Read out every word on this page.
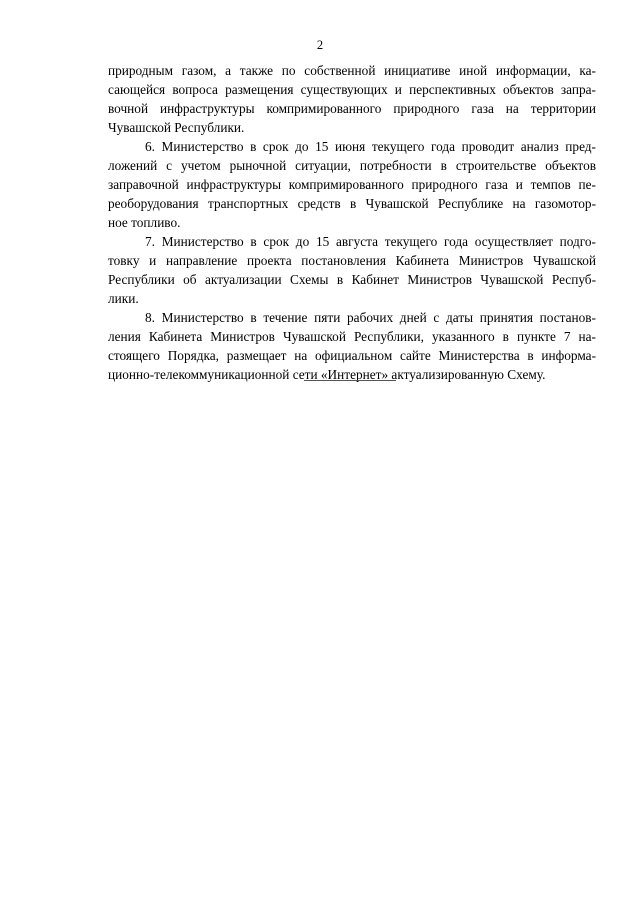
2
природным газом, а также по собственной инициативе иной информации, ка-
сающейся вопроса размещения существующих и перспективных объектов запра-
вочной инфраструктуры компримированного природного газа на территории
Чувашской Республики.
6. Министерство в срок до 15 июня текущего года проводит анализ пред-
ложений с учетом рыночной ситуации, потребности в строительстве объектов
заправочной инфраструктуры компримированного природного газа и темпов пе-
реоборудования транспортных средств в Чувашской Республике на газомотор-
ное топливо.
7. Министерство в срок до 15 августа текущего года осуществляет подго-
товку и направление проекта постановления Кабинета Министров Чувашской
Республики об актуализации Схемы в Кабинет Министров Чувашской Респуб-
лики.
8. Министерство в течение пяти рабочих дней с даты принятия постанов-
ления Кабинета Министров Чувашской Республики, указанного в пункте 7 на-
стоящего Порядка, размещает на официальном сайте Министерства в информа-
ционно-телекоммуникационной сети «Интернет» актуализированную Схему.
